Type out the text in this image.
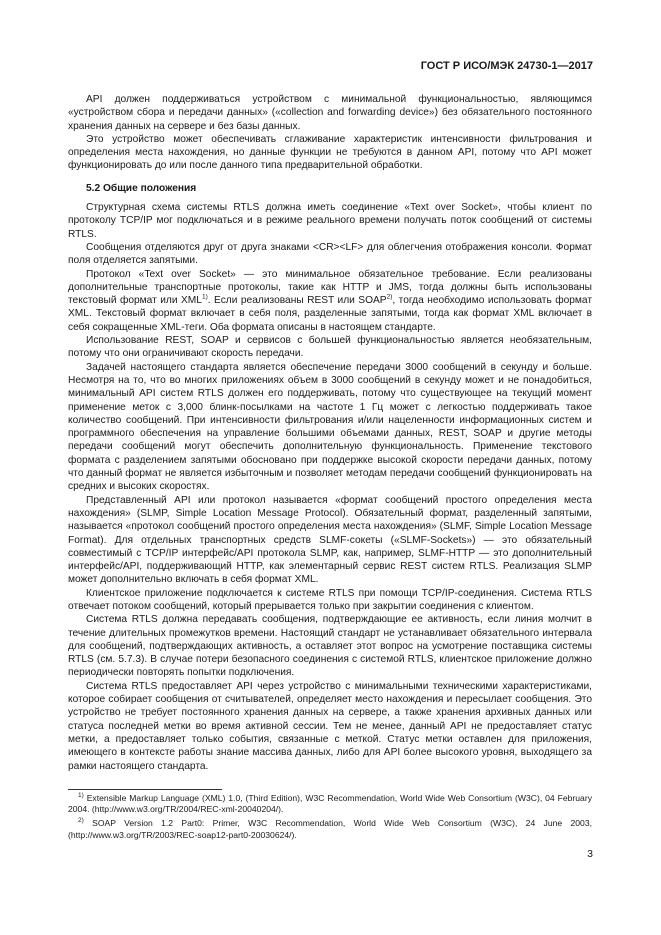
ГОСТ Р ИСО/МЭК 24730-1—2017

API должен поддерживаться устройством с минимальной функциональностью, являющимся «устройством сбора и передачи данных» («collection and forwarding device») без обязательного постоянного хранения данных на сервере и без базы данных.

Это устройство может обеспечивать сглаживание характеристик интенсивности фильтрования и определения места нахождения, но данные функции не требуются в данном API, потому что API может функционировать до или после данного типа предварительной обработки.

5.2 Общие положения

Структурная схема системы RTLS должна иметь соединение «Text over Socket», чтобы клиент по протоколу TCP/IP мог подключаться и в режиме реального времени получать поток сообщений от системы RTLS.

Сообщения отделяются друг от друга знаками <CR><LF> для облегчения отображения консоли. Формат поля отделяется запятыми.

Протокол «Text over Socket» — это минимальное обязательное требование. Если реализованы дополнительные транспортные протоколы, такие как HTTP и JMS, тогда должны быть использованы текстовый формат или XML$^{1)}$. Если реализованы REST или SOAP$^{2)}$, тогда необходимо использовать формат XML. Текстовый формат включает в себя поля, разделенные запятыми, тогда как формат XML включает в себя сокращенные XML-теги. Оба формата описаны в настоящем стандарте.

Использование REST, SOAP и сервисов с большей функциональностью является необязательным, потому что они ограничивают скорость передачи.

Задачей настоящего стандарта является обеспечение передачи 3000 сообщений в секунду и больше. Несмотря на то, что во многих приложениях объем в 3000 сообщений в секунду может и не понадобиться, минимальный API систем RTLS должен его поддерживать, потому что существующее на текущий момент применение меток с 3,000 блинк-посылками на частоте 1 Гц может с легкостью поддерживать такое количество сообщений. При интенсивности фильтрования и/или нацеленности информационных систем и программного обеспечения на управление большими объемами данных, REST, SOAP и другие методы передачи сообщений могут обеспечить дополнительную функциональность. Применение текстового формата с разделением запятыми обосновано при поддержке высокой скорости передачи данных, потому что данный формат не является избыточным и позволяет методам передачи сообщений функционировать на средних и высоких скоростях.

Представленный API или протокол называется «формат сообщений простого определения места нахождения» (SLMP, Simple Location Message Protocol). Обязательный формат, разделенный запятыми, называется «протокол сообщений простого определения места нахождения» (SLMF, Simple Location Message Format). Для отдельных транспортных средств SLMF-сокеты («SLMF-Sockets») — это обязательный совместимый с TCP/IP интерфейс/API протокола SLMP, как, например, SLMF-HTTP — это дополнительный интерфейс/API, поддерживающий HTTP, как элементарный сервис REST систем RTLS. Реализация SLMP может дополнительно включать в себя формат XML.

Клиентское приложение подключается к системе RTLS при помощи TCP/IP-соединения. Система RTLS отвечает потоком сообщений, который прерывается только при закрытии соединения с клиентом.

Система RTLS должна передавать сообщения, подтверждающие ее активность, если линия молчит в течение длительных промежутков времени. Настоящий стандарт не устанавливает обязательного интервала для сообщений, подтверждающих активность, а оставляет этот вопрос на усмотрение поставщика системы RTLS (см. 5.7.3). В случае потери безопасного соединения с системой RTLS, клиентское приложение должно периодически повторять попытки подключения.

Система RTLS предоставляет API через устройство с минимальными техническими характеристиками, которое собирает сообщения от считывателей, определяет место нахождения и пересылает сообщения. Это устройство не требует постоянного хранения данных на сервере, а также хранения архивных данных или статуса последней метки во время активной сессии. Тем не менее, данный API не предоставляет статус метки, а предоставляет только события, связанные с меткой. Статус метки оставлен для приложения, имеющего в контексте работы знание массива данных, либо для API более высокого уровня, выходящего за рамки настоящего стандарта.

$^{1)}$ Extensible Markup Language (XML) 1.0, (Third Edition), W3C Recommendation, World Wide Web Consortium (W3C), 04 February 2004. (http://www.w3.org/TR/2004/REC-xml-20040204/).

$^{2)}$ SOAP Version 1.2 Part0: Primer, W3C Recommendation, World Wide Web Consortium (W3C), 24 June 2003, (http://www.w3.org/TR/2003/REC-soap12-part0-20030624/).

3
